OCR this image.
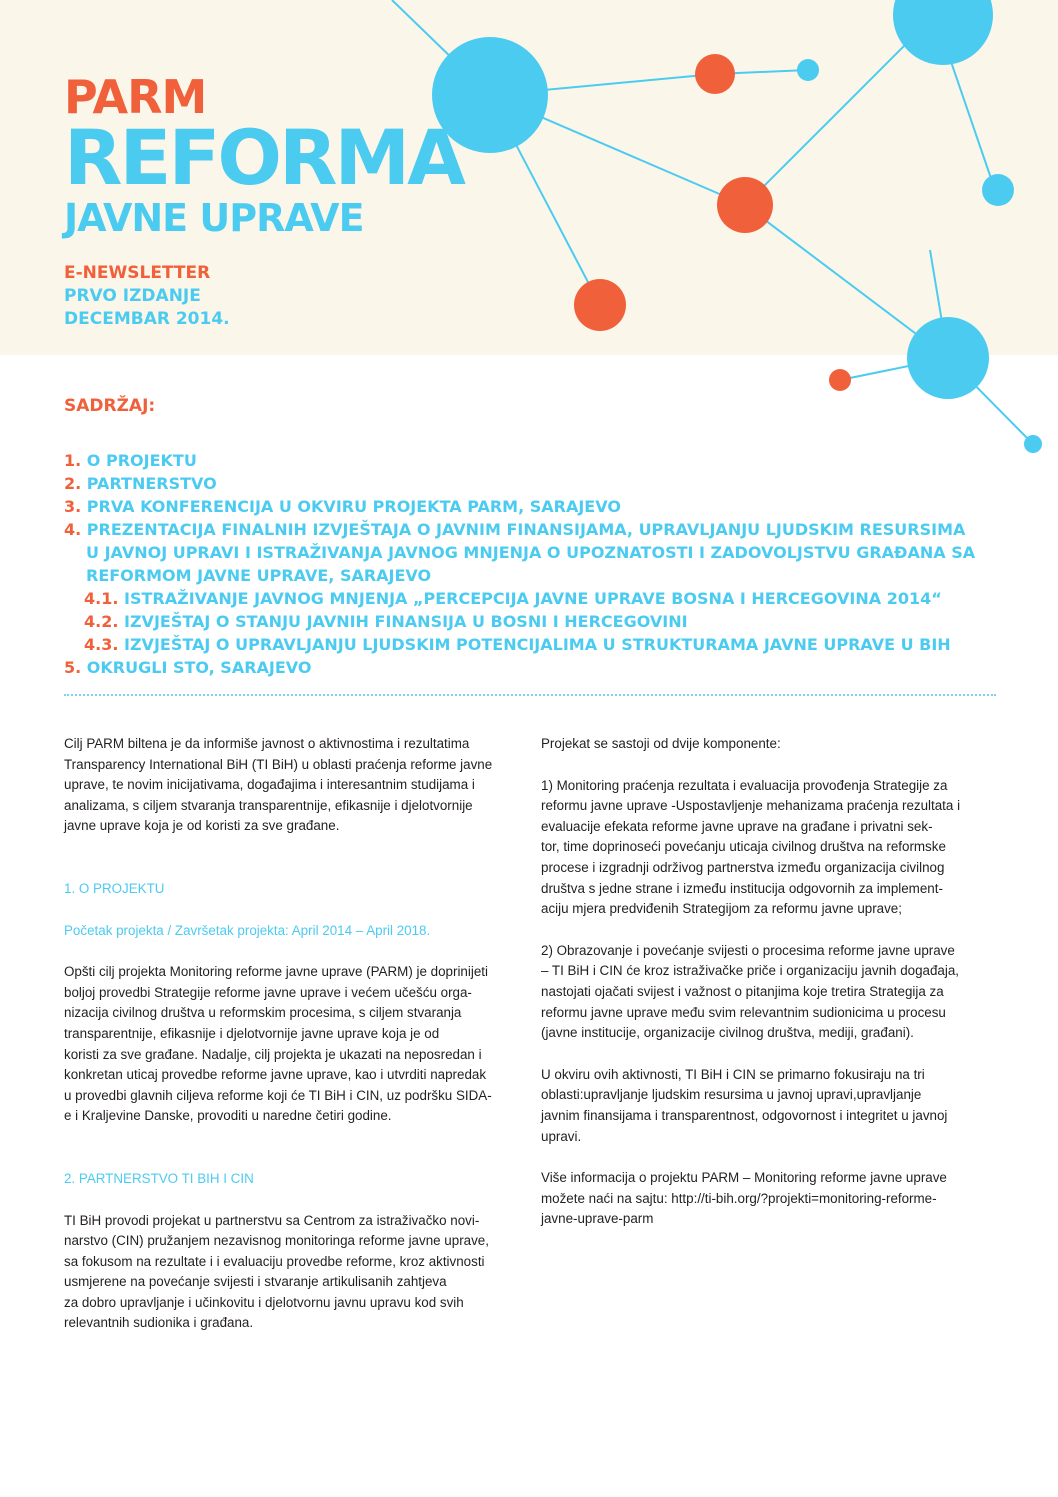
PARM
REFORMA
JAVNE UPRAVE
E-NEWSLETTER
PRVO IZDANJE
DECEMBAR 2014.
SADRŽAJ:
1. O PROJEKTU
2. PARTNERSTVO
3. PRVA KONFERENCIJA U OKVIRU PROJEKTA PARM, SARAJEVO
4. PREZENTACIJA FINALNIH IZVJEŠTAJA O JAVNIM FINANSIJAMA, UPRAVLJANJU LJUDSKIM RESURSIMA
U JAVNOJ UPRAVI I ISTRAŽIVANJA JAVNOG MNJENJA O UPOZNATOSTI I ZADOVOLJSTVU GRAĐANA SA
REFORMOM JAVNE UPRAVE, SARAJEVO
4.1. ISTRAŽIVANJE JAVNOG MNJENJA „PERCEPCIJA JAVNE UPRAVE BOSNA I HERCEGOVINA 2014“
4.2. IZVJEŠTAJ O STANJU JAVNIH FINANSIJA U BOSNI I HERCEGOVINI
4.3. IZVJEŠTAJ O UPRAVLJANJU LJUDSKIM POTENCIJALIMA U STRUKTURAMA JAVNE UPRAVE U BIH
5. OKRUGLI STO, SARAJEVO

Cilj PARM biltena je da informiše javnost o aktivnostima i rezultatima
Transparency International BiH (TI BiH) u oblasti praćenja reforme javne
uprave, te novim inicijativama, događajima i interesantnim studijama i
analizama, s ciljem stvaranja transparentnije, efikasnije i djelotvornije
javne uprave koja je od koristi za sve građane.

1. O PROJEKTU
Početak projekta / Završetak projekta: April 2014 – April 2018.

Opšti cilj projekta Monitoring reforme javne uprave (PARM) je doprinijeti
boljoj provedbi Strategije reforme javne uprave i većem učešću orga-
nizacija civilnog društva u reformskim procesima, s ciljem stvaranja
transparentnije, efikasnije i djelotvornije javne uprave koja je od
koristi za sve građane. Nadalje, cilj projekta je ukazati na neposredan i
konkretan uticaj provedbe reforme javne uprave, kao i utvrditi napredak
u provedbi glavnih ciljeva reforme koji će TI BiH i CIN, uz podršku SIDA-
e i Kraljevine Danske, provoditi u naredne četiri godine.

2. PARTNERSTVO TI BIH I CIN

TI BiH provodi projekat u partnerstvu sa Centrom za istraživačko novi-
narstvo (CIN) pružanjem nezavisnog monitoringa reforme javne uprave,
sa fokusom na rezultate i i evaluaciju provedbe reforme, kroz aktivnosti
usmjerene na povećanje svijesti i stvaranje artikulisanih zahtjeva
za dobro upravljanje i učinkovitu i djelotvornu javnu upravu kod svih
relevantnih sudionika i građana.

Projekat se sastoji od dvije komponente:

1) Monitoring praćenja rezultata i evaluacija provođenja Strategije za
reformu javne uprave -Uspostavljenje mehanizama praćenja rezultata i
evaluacije efekata reforme javne uprave na građane i privatni sek-
tor, time doprinoseći povećanju uticaja civilnog društva na reformske
procese i izgradnji održivog partnerstva između organizacija civilnog
društva s jedne strane i između institucija odgovornih za implement-
aciju mjera predviđenih Strategijom za reformu javne uprave;

2) Obrazovanje i povećanje svijesti o procesima reforme javne uprave
– TI BiH i CIN će kroz istraživačke priče i organizaciju javnih događaja,
nastojati ojačati svijest i važnost o pitanjima koje tretira Strategija za
reformu javne uprave među svim relevantnim sudionicima u procesu
(javne institucije, organizacije civilnog društva, mediji, građani).

U okviru ovih aktivnosti, TI BiH i CIN se primarno fokusiraju na tri
oblasti:upravljanje ljudskim resursima u javnoj upravi,upravljanje
javnim finansijama i transparentnost, odgovornost i integritet u javnoj
upravi.

Više informacija o projektu PARM – Monitoring reforme javne uprave
možete naći na sajtu: http://ti-bih.org/?projekti=monitoring-reforme-
javne-uprave-parm
